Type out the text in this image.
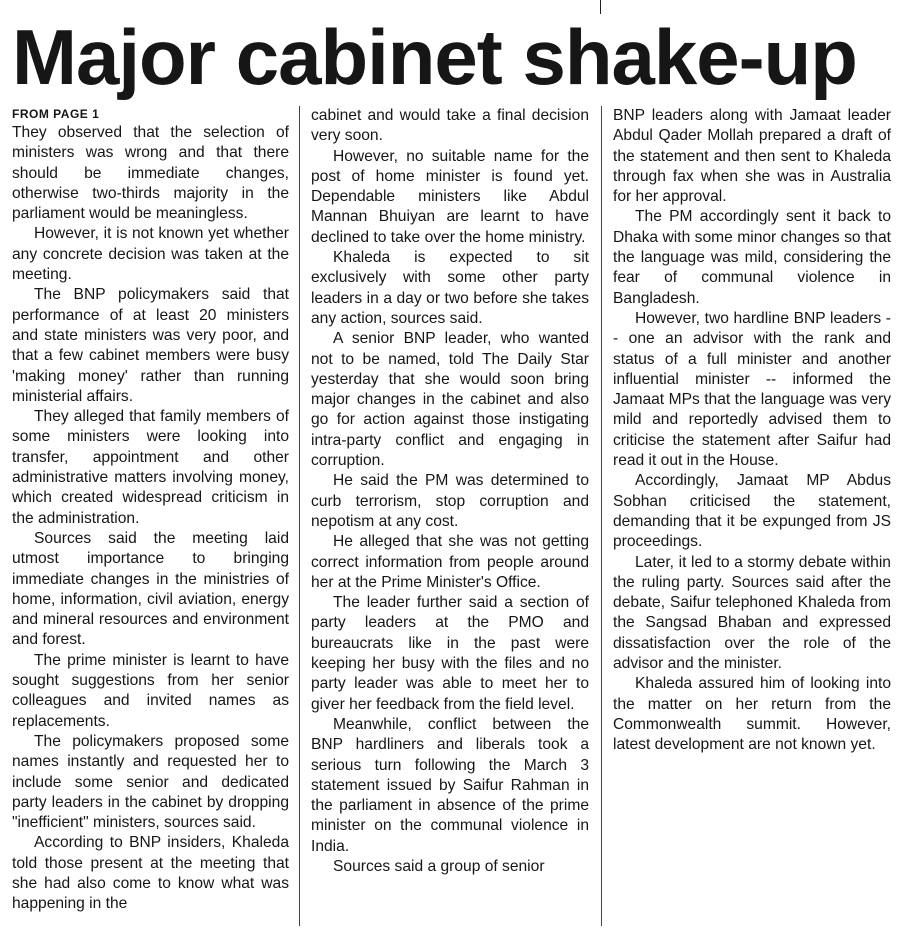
Major cabinet shake-up
FROM PAGE 1

They observed that the selection of ministers was wrong and that there should be immediate changes, otherwise two-thirds majority in the parliament would be meaningless.

However, it is not known yet whether any concrete decision was taken at the meeting.

The BNP policymakers said that performance of at least 20 ministers and state ministers was very poor, and that a few cabinet members were busy 'making money' rather than running ministerial affairs.

They alleged that family members of some ministers were looking into transfer, appointment and other administrative matters involving money, which created widespread criticism in the administration.

Sources said the meeting laid utmost importance to bringing immediate changes in the ministries of home, information, civil aviation, energy and mineral resources and environment and forest.

The prime minister is learnt to have sought suggestions from her senior colleagues and invited names as replacements.

The policymakers proposed some names instantly and requested her to include some senior and dedicated party leaders in the cabinet by dropping "inefficient" ministers, sources said.

According to BNP insiders, Khaleda told those present at the meeting that she had also come to know what was happening in the

cabinet and would take a final decision very soon.

However, no suitable name for the post of home minister is found yet. Dependable ministers like Abdul Mannan Bhuiyan are learnt to have declined to take over the home ministry.

Khaleda is expected to sit exclusively with some other party leaders in a day or two before she takes any action, sources said.

A senior BNP leader, who wanted not to be named, told The Daily Star yesterday that she would soon bring major changes in the cabinet and also go for action against those instigating intra-party conflict and engaging in corruption.

He said the PM was determined to curb terrorism, stop corruption and nepotism at any cost.

He alleged that she was not getting correct information from people around her at the Prime Minister's Office.

The leader further said a section of party leaders at the PMO and bureaucrats like in the past were keeping her busy with the files and no party leader was able to meet her to giver her feedback from the field level.

Meanwhile, conflict between the BNP hardliners and liberals took a serious turn following the March 3 statement issued by Saifur Rahman in the parliament in absence of the prime minister on the communal violence in India.

Sources said a group of senior

BNP leaders along with Jamaat leader Abdul Qader Mollah prepared a draft of the statement and then sent to Khaleda through fax when she was in Australia for her approval.

The PM accordingly sent it back to Dhaka with some minor changes so that the language was mild, considering the fear of communal violence in Bangladesh.

However, two hardline BNP leaders -- one an advisor with the rank and status of a full minister and another influential minister -- informed the Jamaat MPs that the language was very mild and reportedly advised them to criticise the statement after Saifur had read it out in the House.

Accordingly, Jamaat MP Abdus Sobhan criticised the statement, demanding that it be expunged from JS proceedings.

Later, it led to a stormy debate within the ruling party. Sources said after the debate, Saifur telephoned Khaleda from the Sangsad Bhaban and expressed dissatisfaction over the role of the advisor and the minister.

Khaleda assured him of looking into the matter on her return from the Commonwealth summit. However, latest development are not known yet.
